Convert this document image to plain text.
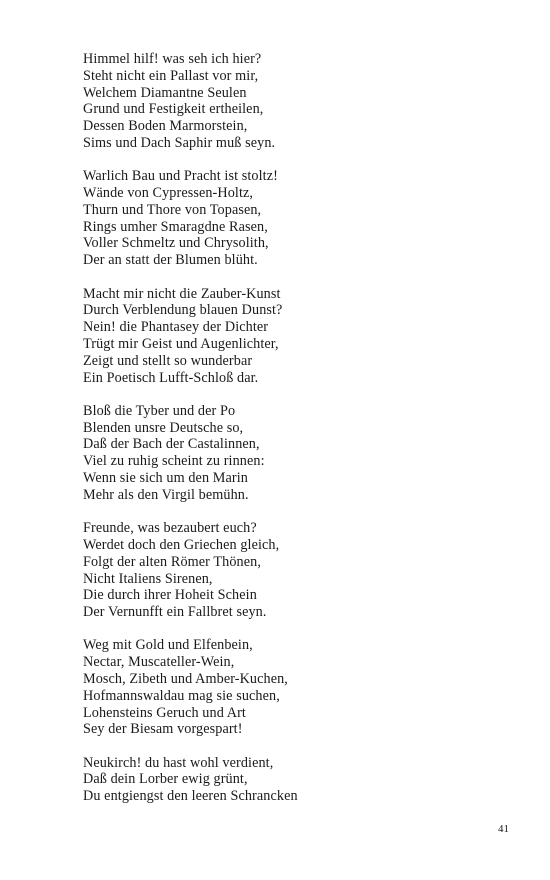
Himmel hilf! was seh ich hier?
Steht nicht ein Pallast vor mir,
Welchem Diamantne Seulen
Grund und Festigkeit ertheilen,
Dessen Boden Marmorstein,
Sims und Dach Saphir muß seyn.
Warlich Bau und Pracht ist stoltz!
Wände von Cypressen-Holtz,
Thurn und Thore von Topasen,
Rings umher Smaragdne Rasen,
Voller Schmeltz und Chrysolith,
Der an statt der Blumen blüht.
Macht mir nicht die Zauber-Kunst
Durch Verblendung blauen Dunst?
Nein! die Phantasey der Dichter
Trügt mir Geist und Augenlichter,
Zeigt und stellt so wunderbar
Ein Poetisch Lufft-Schloß dar.
Bloß die Tyber und der Po
Blenden unsre Deutsche so,
Daß der Bach der Castalinnen,
Viel zu ruhig scheint zu rinnen:
Wenn sie sich um den Marin
Mehr als den Virgil bemühn.
Freunde, was bezaubert euch?
Werdet doch den Griechen gleich,
Folgt der alten Römer Thönen,
Nicht Italiens Sirenen,
Die durch ihrer Hoheit Schein
Der Vernunfft ein Fallbret seyn.
Weg mit Gold und Elfenbein,
Nectar, Muscateller-Wein,
Mosch, Zibeth und Amber-Kuchen,
Hofmannswaldau mag sie suchen,
Lohensteins Geruch und Art
Sey der Biesam vorgespart!
Neukirch! du hast wohl verdient,
Daß dein Lorber ewig grünt,
Du entgiengst den leeren Schrancken
41
